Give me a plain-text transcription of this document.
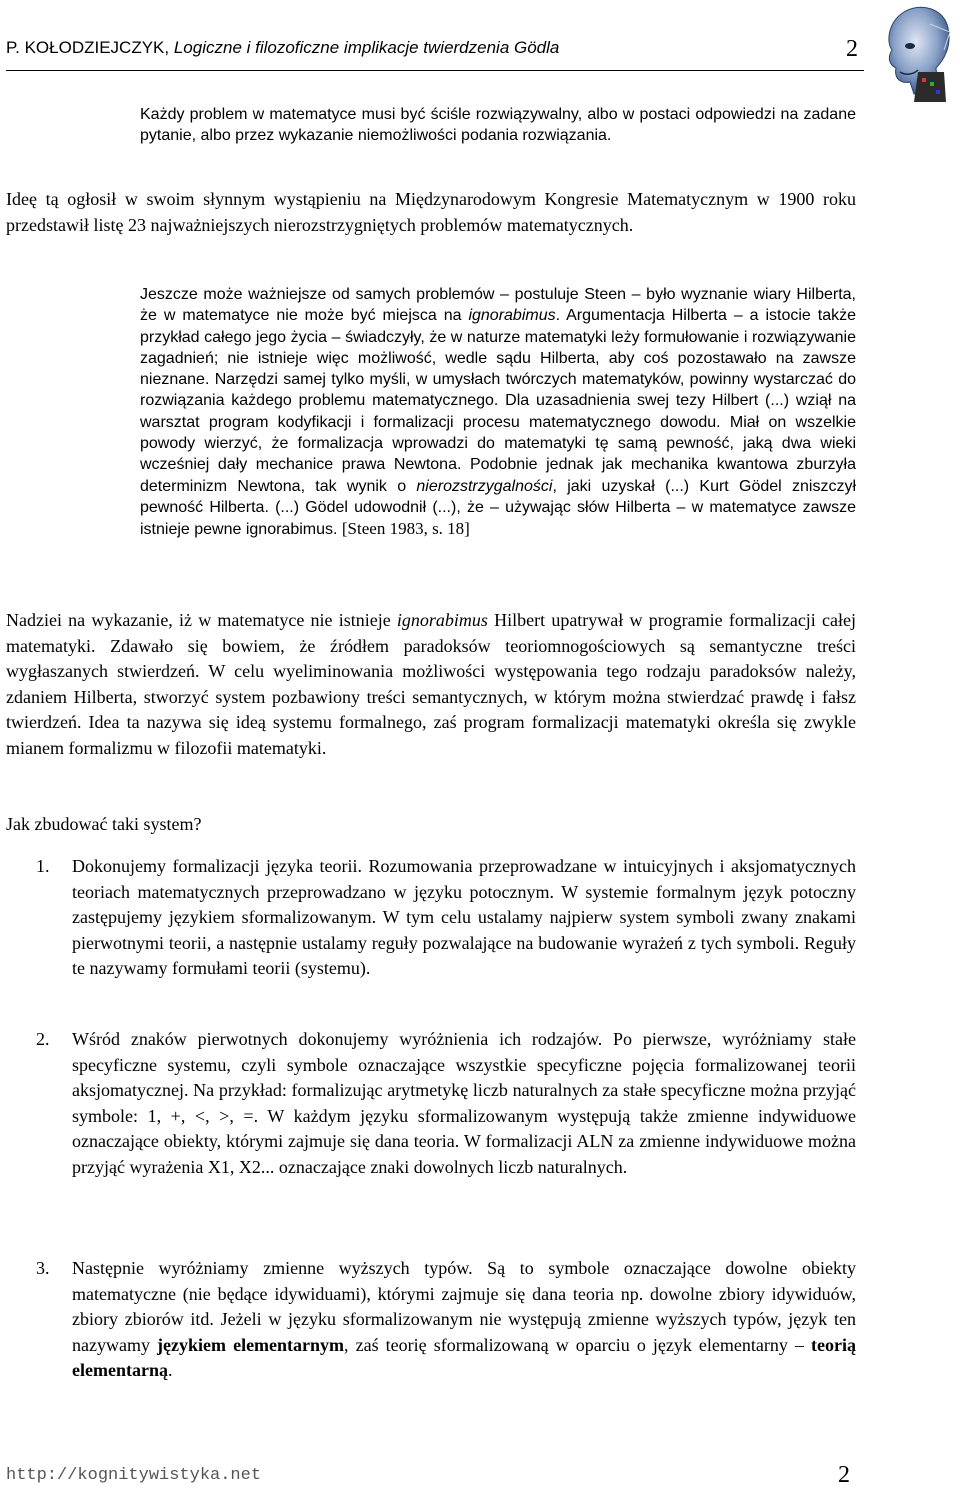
P. KOŁODZIEJCZYK, Logiczne i filozoficzne implikacje twierdzenia Gödla	2
Każdy problem w matematyce musi być ściśle rozwiązywalny, albo w postaci odpowiedzi na zadane pytanie, albo przez wykazanie niemożliwości podania rozwiązania.
Ideę tą ogłosił w swoim słynnym wystąpieniu na Międzynarodowym Kongresie Matematycznym w 1900 roku przedstawił listę 23 najważniejszych nierozstrzygniętych problemów matematycznych.
Jeszcze może ważniejsze od samych problemów – postuluje Steen – było wyznanie wiary Hilberta, że w matematyce nie może być miejsca na ignorabimus. Argumentacja Hilberta – a istocie także przykład całego jego życia – świadczyły, że w naturze matematyki leży formułowanie i rozwiązywanie zagadnień; nie istnieje więc możliwość, wedle sądu Hilberta, aby coś pozostawało na zawsze nieznane. Narzędzi samej tylko myśli, w umysłach twórczych matematyków, powinny wystarczać do rozwiązania każdego problemu matematycznego. Dla uzasadnienia swej tezy Hilbert (...) wziął na warsztat program kodyfikacji i formalizacji procesu matematycznego dowodu. Miał on wszelkie powody wierzyć, że formalizacja wprowadzi do matematyki tę samą pewność, jaką dwa wieki wcześniej dały mechanice prawa Newtona. Podobnie jednak jak mechanika kwantowa zburzyła determinizm Newtona, tak wynik o nierozstrzygalności, jaki uzyskał (...) Kurt Gödel zniszczył pewność Hilberta. (...) Gödel udowodnił (...), że – używając słów Hilberta – w matematyce zawsze istnieje pewne ignorabimus. [Steen 1983, s. 18]
Nadziei na wykazanie, iż w matematyce nie istnieje ignorabimus Hilbert upatrywał w programie formalizacji całej matematyki. Zdawało się bowiem, że źródłem paradoksów teoriomnogościowych są semantyczne treści wygłaszanych stwierdzeń. W celu wyeliminowania możliwości występowania tego rodzaju paradoksów należy, zdaniem Hilberta, stworzyć system pozbawiony treści semantycznych, w którym można stwierdzać prawdę i fałsz twierdzeń. Idea ta nazywa się ideą systemu formalnego, zaś program formalizacji matematyki określa się zwykle mianem formalizmu w filozofii matematyki.
Jak zbudować taki system?
1. Dokonujemy formalizacji języka teorii. Rozumowania przeprowadzane w intuicyjnych i aksjomatycznych teoriach matematycznych przeprowadzano w języku potocznym. W systemie formalnym język potoczny zastępujemy językiem sformalizowanym. W tym celu ustalamy najpierw system symboli zwany znakami pierwotnymi teorii, a następnie ustalamy reguły pozwalające na budowanie wyrażeń z tych symboli. Reguły te nazywamy formułami teorii (systemu).
2. Wśród znaków pierwotnych dokonujemy wyróżnienia ich rodzajów. Po pierwsze, wyróżniamy stałe specyficzne systemu, czyli symbole oznaczające wszystkie specyficzne pojęcia formalizowanej teorii aksjomatycznej. Na przykład: formalizując arytmetykę liczb naturalnych za stałe specyficzne można przyjąć symbole: 1, +, <, >, =. W każdym języku sformalizowanym występują także zmienne indywiduowe oznaczające obiekty, którymi zajmuje się dana teoria. W formalizacji ALN za zmienne indywiduowe można przyjąć wyrażenia X1, X2... oznaczające znaki dowolnych liczb naturalnych.
3. Następnie wyróżniamy zmienne wyższych typów. Są to symbole oznaczające dowolne obiekty matematyczne (nie będące idywiduami), którymi zajmuje się dana teoria np. dowolne zbiory idywiduów, zbiory zbiorów itd. Jeżeli w języku sformalizowanym nie występują zmienne wyższych typów, język ten nazywamy językiem elementarnym, zaś teorię sformalizowaną w oparciu o język elementarny – teorią elementarną.
http://kognitywistyka.net	2
